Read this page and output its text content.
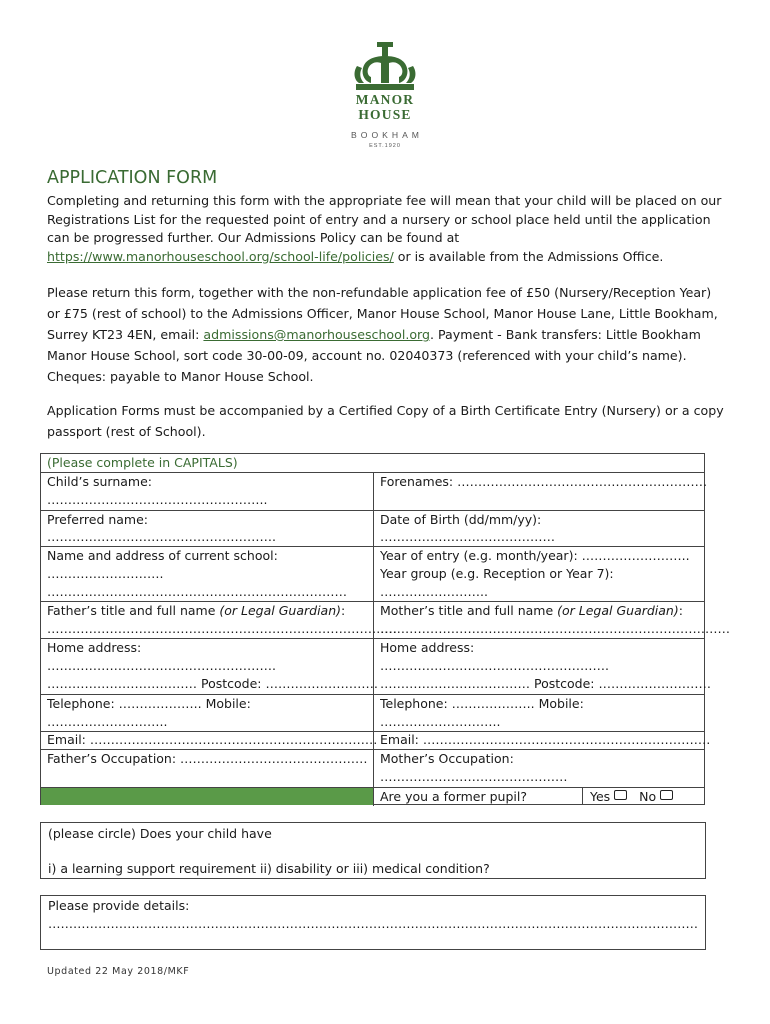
MANOR
HOUSE
BOOKHAM
EST.1920
APPLICATION FORM
Completing and returning this form with the appropriate fee will mean that your child will be placed on our Registrations List for the requested point of entry and a nursery or school place held until the application can be progressed further. Our Admissions Policy can be found at
https://www.manorhouseschool.org/school-life/policies/ or is available from the Admissions Office.
Please return this form, together with the non-refundable application fee of £50 (Nursery/Reception Year) or £75 (rest of school) to the Admissions Officer, Manor House School, Manor House Lane, Little Bookham, Surrey KT23 4EN, email: admissions@manorhouseschool.org. Payment - Bank transfers: Little Bookham Manor House School, sort code 30-00-09, account no. 02040373 (referenced with your child’s name). Cheques: payable to Manor House School.
Application Forms must be accompanied by a Certified Copy of a Birth Certificate Entry (Nursery) or a copy passport (rest of School).
(Please complete in CAPITALS)
Child’s surname:
……………………………………………..
Forenames: ……………………………………………………
Preferred name:
……………………………………………….
Date of Birth (dd/mm/yy):
……………………………………
Name and address of current school:
……………………….
………………………………………………………………
Year of entry (e.g. month/year): ……………………..
Year group (e.g. Reception or Year 7):
……………………..
Father’s title and full name (or Legal Guardian):
…………………………………………………………………………
Mother’s title and full name (or Legal Guardian):
…………………………………………………………………………
Home address:
……………………………………………….
……………………………… Postcode: ………………………
Home address:
……………………………………………….
……………………………… Postcode: ………………………
Telephone: ……………….. Mobile:
………………………..
Telephone: ……………….. Mobile:
………………………..
Email: …………………………………………………………… Email: ……………………………………………………………
Father’s Occupation: ……………………………………… Mother’s Occupation:
………………………………………
Are you a former pupil?	Yes No
(please circle) Does your child have
i) a learning support requirement ii) disability or iii) medical condition?
Please provide details:
…………………………………………………………………………………………………………………………………………
Updated 22 May 2018/MKF
